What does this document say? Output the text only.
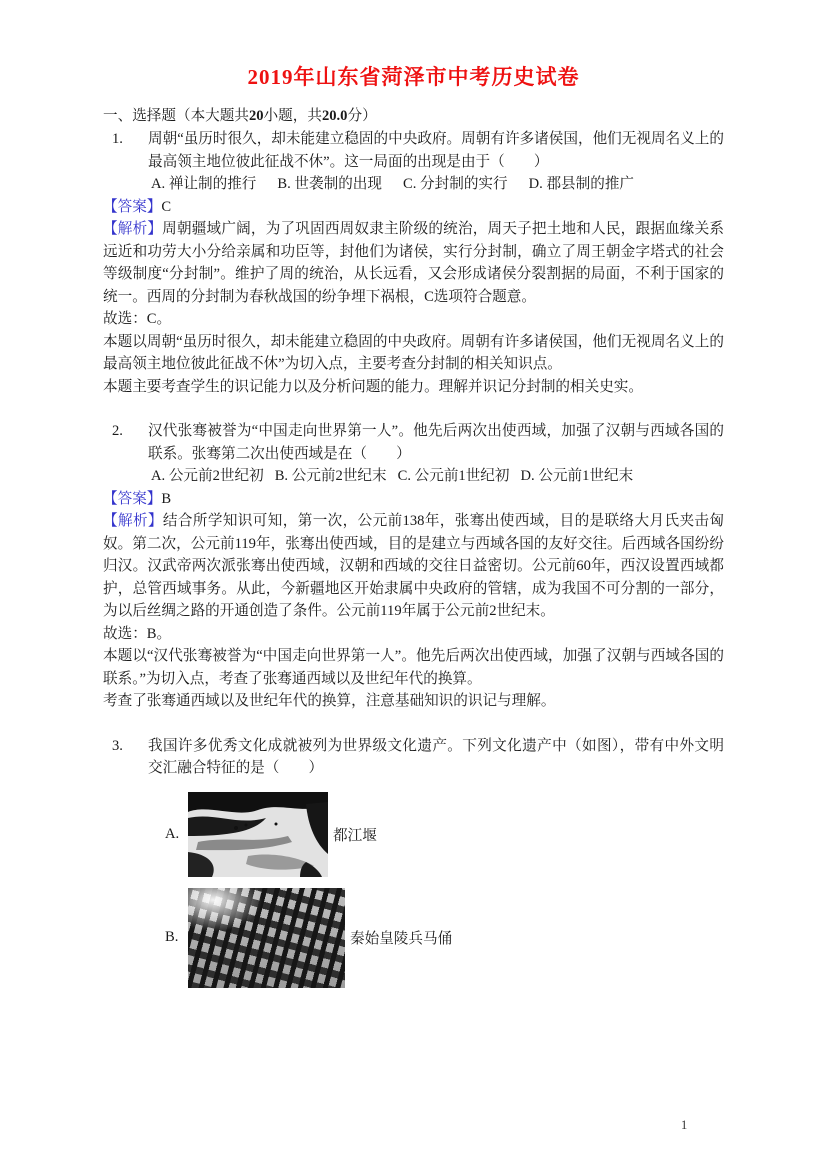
2019年山东省菏泽市中考历史试卷
一、选择题（本大题共20小题，共20.0分）
1.	周朝“虽历时很久，却未能建立稳固的中央政府。周朝有许多诸侯国，他们无视周名义上的最高领主地位彼此征战不休”。这一局面的出现是由于（　　）
A. 禅让制的推行 B. 世袭制的出现 C. 分封制的实行 D. 郡县制的推广
【答案】C

【解析】周朝疆域广阔，为了巩固西周奴隶主阶级的统治，周天子把土地和人民，跟据血缘关系远近和功劳大小分给亲属和功臣等，封他们为诸侯，实行分封制，确立了周王朝金字塔式的社会等级制度“分封制”。维护了周的统治，从长远看，又会形成诸侯分裂割据的局面，不利于国家的统一。西周的分封制为春秋战国的纷争埋下祸根，C选项符合题意。

故选：C。

本题以周朝“虽历时很久，却未能建立稳固的中央政府。周朝有许多诸侯国，他们无视周名义上的最高领主地位彼此征战不休”为切入点，主要考查分封制的相关知识点。

本题主要考查学生的识记能力以及分析问题的能力。理解并识记分封制的相关史实。

2.	汉代张骞被誉为“中国走向世界第一人”。他先后两次出使西域，加强了汉朝与西域各国的联系。张骞第二次出使西域是在（　　）
A. 公元前2世纪初 B. 公元前2世纪末 C. 公元前1世纪初 D. 公元前1世纪末
【答案】B

【解析】结合所学知识可知，第一次，公元前138年，张骞出使西域，目的是联络大月氏夹击匈奴。第二次，公元前119年，张骞出使西域，目的是建立与西域各国的友好交往。后西域各国纷纷归汉。汉武帝两次派张骞出使西域，汉朝和西域的交往日益密切。公元前60年，西汉设置西域都护，总管西域事务。从此，今新疆地区开始隶属中央政府的管辖，成为我国不可分割的一部分，为以后丝绸之路的开通创造了条件。公元前119年属于公元前2世纪末。

故选：B。

本题以“汉代张骞被誉为“中国走向世界第一人”。他先后两次出使西域，加强了汉朝与西域各国的联系。”为切入点，考查了张骞通西域以及世纪年代的换算。

考查了张骞通西域以及世纪年代的换算，注意基础知识的识记与理解。

3.	我国许多优秀文化成就被列为世界级文化遗产。下列文化遗产中（如图），带有中外文明交汇融合特征的是（　　）
A.	都江堰
B.	秦始皇陵兵马俑
1
